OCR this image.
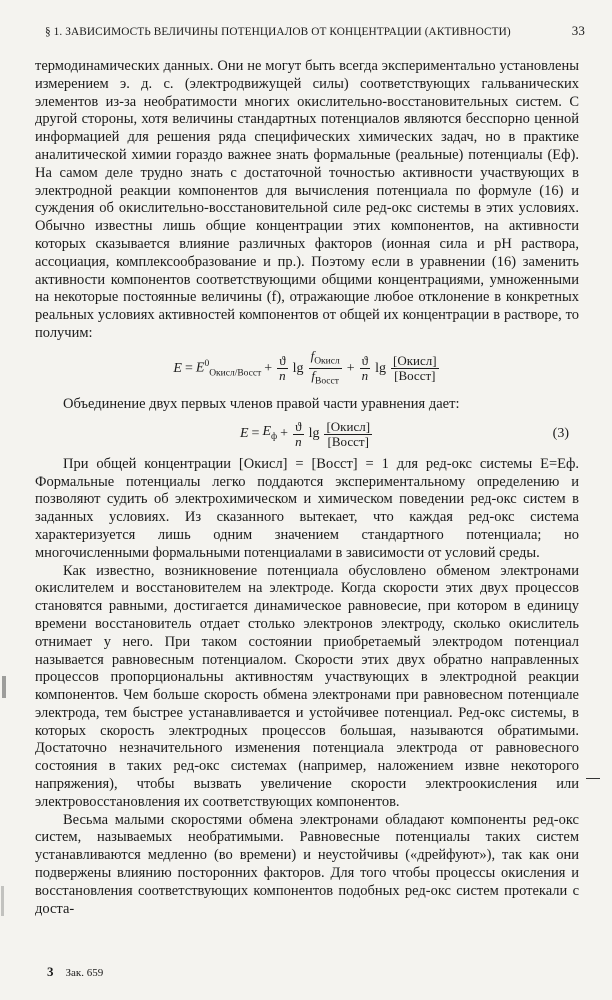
§ 1. ЗАВИСИМОСТЬ ВЕЛИЧИНЫ ПОТЕНЦИАЛОВ ОТ КОНЦЕНТРАЦИИ (АКТИВНОСТИ)	33

термодинамических данных. Они не могут быть всегда экспериментально установлены измерением э. д. с. (электродвижущей силы) соответствующих гальванических элементов из-за необратимости многих окислительно-восстановительных систем. С другой стороны, хотя величины стандартных потенциалов являются бесспорно ценной информацией для решения ряда специфических химических задач, но в практике аналитической химии гораздо важнее знать формальные (реальные) потенциалы (Eф). На самом деле трудно знать с достаточной точностью активности участвующих в электродной реакции компонентов для вычисления потенциала по формуле (16) и суждения об окислительно-восстановительной силе ред-окс системы в этих условиях. Обычно известны лишь общие концентрации этих компонентов, на активности которых сказывается влияние различных факторов (ионная сила и pH раствора, ассоциация, комплексообразование и пр.). Поэтому если в уравнении (16) заменить активности компонентов соответствующими общими концентрациями, умноженными на некоторые постоянные величины (f), отражающие любое отклонение в конкретных реальных условиях активностей компонентов от общей их концентрации в растворе, то получим:

$E = E^0_{Окисл/Восст} + \frac{ϑ}{n}$ $\lg \frac{f_{Окисл}}{f_{Восст}} + \frac{ϑ}{n}$ $\lg \frac{\text{[Окисл]}}{\text{[Восст]}}$

Объединение двух первых членов правой части уравнения дает:

$E = E_ф + \frac{ϑ}{n}$ $\lg \frac{\text{[Окисл]}}{\text{[Восст]}}$	(3)

При общей концентрации [Окисл] = [Восст] = 1 для ред-окс системы E=Eф. Формальные потенциалы легко поддаются экспериментальному определению и позволяют судить об электрохимическом и химическом поведении ред-окс систем в заданных условиях. Из сказанного вытекает, что каждая ред-окс система характеризуется лишь одним значением стандартного потенциала; но многочисленными формальными потенциалами в зависимости от условий среды.

Как известно, возникновение потенциала обусловлено обменом электронами окислителем и восстановителем на электроде. Когда скорости этих двух процессов становятся равными, достигается динамическое равновесие, при котором в единицу времени восстановитель отдает столько электронов электроду, сколько окислитель отнимает у него. При таком состоянии приобретаемый электродом потенциал называется равновесным потенциалом. Скорости этих двух обратно направленных процессов пропорциональны активностям участвующих в электродной реакции компонентов. Чем больше скорость обмена электронами при равновесном потенциале электрода, тем быстрее устанавливается и устойчивее потенциал. Ред-окс системы, в которых скорость электродных процессов большая, называются обратимыми. Достаточно незначительного изменения потенциала электрода от равновесного состояния в таких ред-окс системах (например, наложением извне некоторого напряжения), чтобы вызвать увеличение скорости электроокисления или электровосстановления их соответствующих компонентов.

Весьма малыми скоростями обмена электронами обладают компоненты ред-окс систем, называемых необратимыми. Равновесные потенциалы таких систем устанавливаются медленно (во времени) и неустойчивы («дрейфуют»), так как они подвержены влиянию посторонних факторов. Для того чтобы процессы окисления и восстановления соответствующих компонентов подобных ред-окс систем протекали с доста-

3 Зак. 659
